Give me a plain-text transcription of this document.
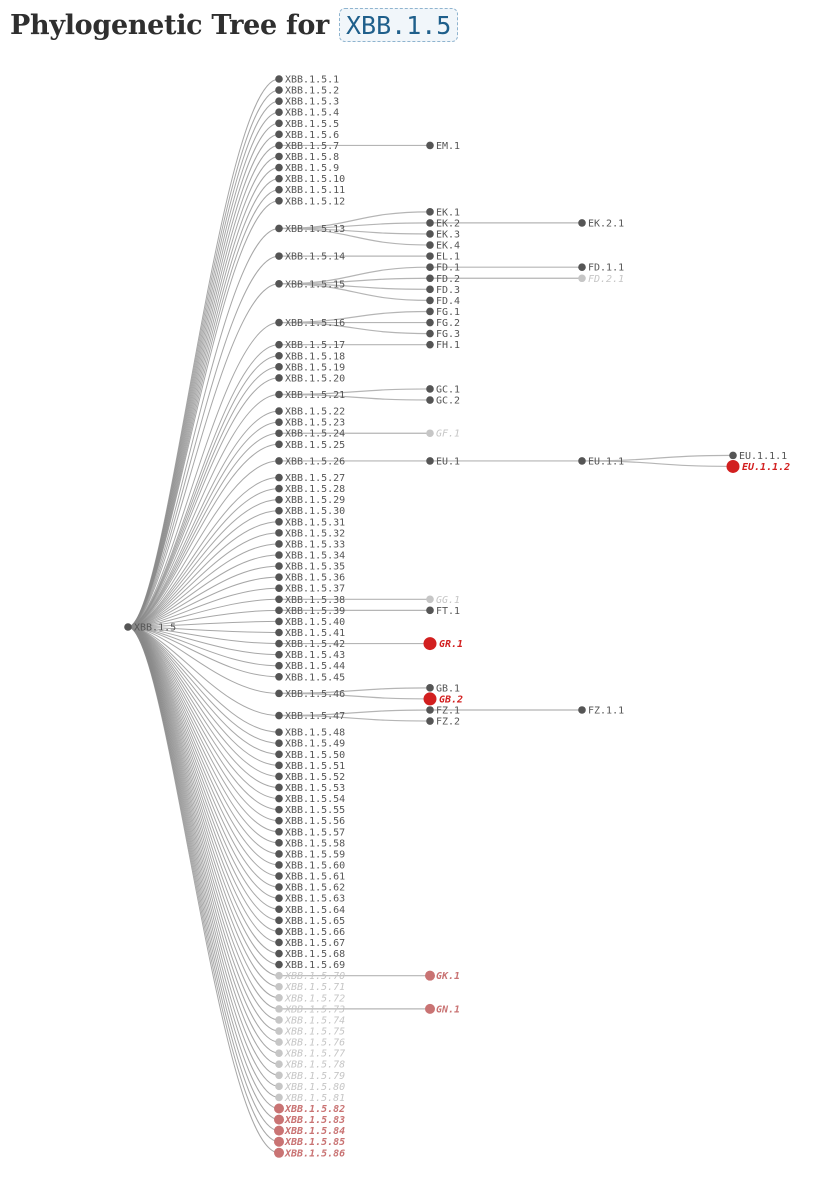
Phylogenetic Tree for XBB.1.5
XBB.1.5.1
XBB.1.5.2
XBB.1.5.3
XBB.1.5.4
XBB.1.5.5
XBB.1.5.6
EM.1
XBB.1.5.7
XBB.1.5.8
XBB.1.5.9
XBB.1.5.10
XBB.1.5.11
XBB.1.5.12
EK.1
EK.2.1
EK.2
EK.3
EK.4
XBB.1.5.13
EL.1
XBB.1.5.14
FD.1.1
FD.1
FD.2.1
FD.2
FD.3
FD.4
XBB.1.5.15
FG.1
FG.2
FG.3
XBB.1.5.16
FH.1
XBB.1.5.17
XBB.1.5.18
XBB.1.5.19
XBB.1.5.20
GC.1
GC.2
XBB.1.5.21
XBB.1.5.22
XBB.1.5.23
GF.1
XBB.1.5.24
XBB.1.5.25
EU.1.1.1
EU.1.1.2
EU.1.1
EU.1
XBB.1.5.26
XBB.1.5.27
XBB.1.5.28
XBB.1.5.29
XBB.1.5.30
XBB.1.5.31
XBB.1.5.32
XBB.1.5.33
XBB.1.5.34
XBB.1.5.35
XBB.1.5.36
XBB.1.5.37
GG.1
XBB.1.5.38
FT.1
XBB.1.5.39
XBB.1.5.40
XBB.1.5.41
GR.1
XBB.1.5.42
XBB.1.5.43
XBB.1.5.44
XBB.1.5.45
GB.1
GB.2
XBB.1.5.46
FZ.1.1
FZ.1
FZ.2
XBB.1.5.47
XBB.1.5.48
XBB.1.5.49
XBB.1.5.50
XBB.1.5.51
XBB.1.5.52
XBB.1.5.53
XBB.1.5.54
XBB.1.5.55
XBB.1.5.56
XBB.1.5.57
XBB.1.5.58
XBB.1.5.59
XBB.1.5.60
XBB.1.5.61
XBB.1.5.62
XBB.1.5.63
XBB.1.5.64
XBB.1.5.65
XBB.1.5.66
XBB.1.5.67
XBB.1.5.68
XBB.1.5.69
GK.1
XBB.1.5.70
XBB.1.5.71
XBB.1.5.72
GN.1
XBB.1.5.73
XBB.1.5.74
XBB.1.5.75
XBB.1.5.76
XBB.1.5.77
XBB.1.5.78
XBB.1.5.79
XBB.1.5.80
XBB.1.5.81
XBB.1.5.82
XBB.1.5.83
XBB.1.5.84
XBB.1.5.85
XBB.1.5.86
XBB.1.5
